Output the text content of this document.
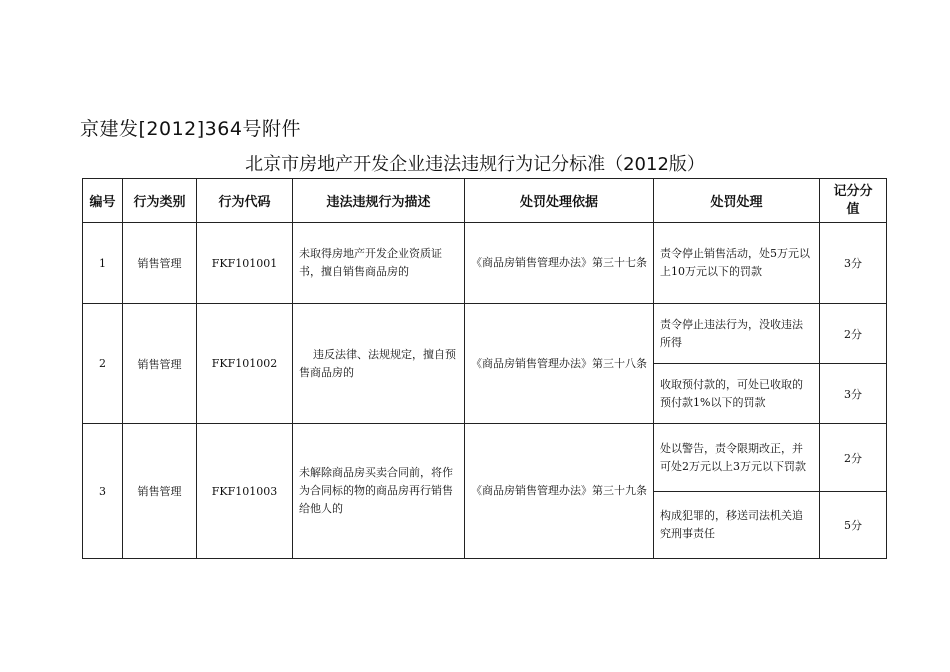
京建发[2012]364号附件
北京市房地产开发企业违法违规行为记分标准（2012版）
编号	行为类别	行为代码	违法违规行为描述	处罚处理依据	处罚处理	记分分值
1	销售管理	FKF101001	未取得房地产开发企业资质证书，擅自销售商品房的	《商品房销售管理办法》第三十七条	责令停止销售活动，处5万元以上10万元以下的罚款	3分
2	销售管理	FKF101002	违反法律、法规规定，擅自预售商品房的	《商品房销售管理办法》第三十八条	责令停止违法行为，没收违法所得	2分
					收取预付款的，可处已收取的预付款1%以下的罚款	3分
3	销售管理	FKF101003	未解除商品房买卖合同前，将作为合同标的物的商品房再行销售给他人的	《商品房销售管理办法》第三十九条	处以警告，责令限期改正，并可处2万元以上3万元以下罚款	2分
					构成犯罪的，移送司法机关追究刑事责任	5分
